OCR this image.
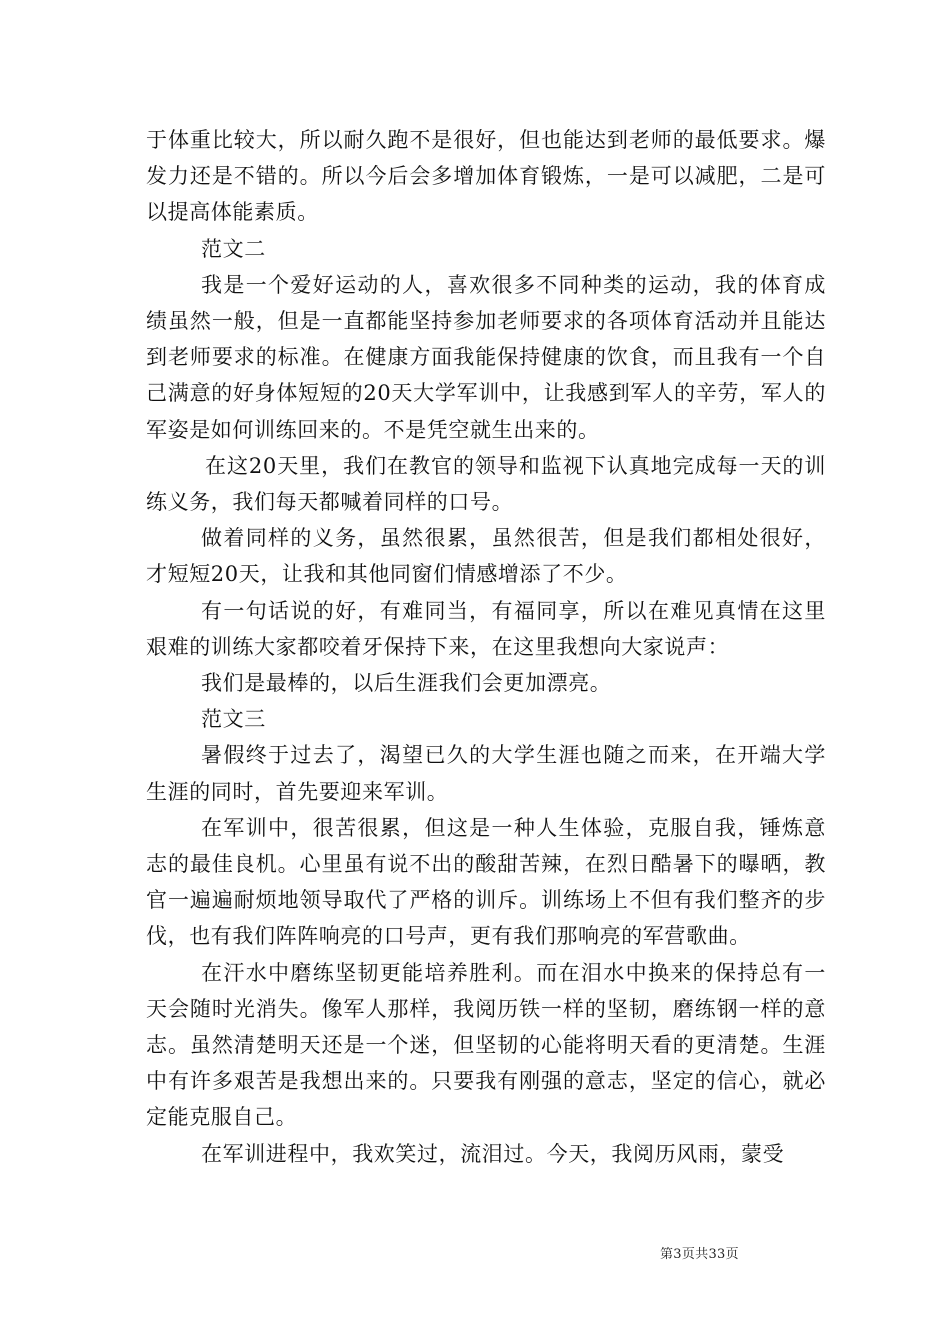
于体重比较大，所以耐久跑不是很好，但也能达到老师的最低要求。爆发力还是不错的。所以今后会多增加体育锻炼，一是可以减肥，二是可以提高体能素质。

范文二

我是一个爱好运动的人，喜欢很多不同种类的运动，我的体育成绩虽然一般，但是一直都能坚持参加老师要求的各项体育活动并且能达到老师要求的标准。在健康方面我能保持健康的饮食，而且我有一个自己满意的好身体短短的20天大学军训中，让我感到军人的辛劳，军人的军姿是如何训练回来的。不是凭空就生出来的。

在这20天里，我们在教官的领导和监视下认真地完成每一天的训练义务，我们每天都喊着同样的口号。

做着同样的义务，虽然很累，虽然很苦，但是我们都相处很好，才短短20天，让我和其他同窗们情感增添了不少。

有一句话说的好，有难同当，有福同享，所以在难见真情在这里艰难的训练大家都咬着牙保持下来，在这里我想向大家说声：

我们是最棒的，以后生涯我们会更加漂亮。

范文三

暑假终于过去了，渴望已久的大学生涯也随之而来，在开端大学生涯的同时，首先要迎来军训。

在军训中，很苦很累，但这是一种人生体验，克服自我，锤炼意志的最佳良机。心里虽有说不出的酸甜苦辣，在烈日酷暑下的曝晒，教官一遍遍耐烦地领导取代了严格的训斥。训练场上不但有我们整齐的步伐，也有我们阵阵响亮的口号声，更有我们那响亮的军营歌曲。

在汗水中磨练坚韧更能培养胜利。而在泪水中换来的保持总有一天会随时光消失。像军人那样，我阅历铁一样的坚韧，磨练钢一样的意志。虽然清楚明天还是一个迷，但坚韧的心能将明天看的更清楚。生涯中有许多艰苦是我想出来的。只要我有刚强的意志，坚定的信心，就必定能克服自己。

在军训进程中，我欢笑过，流泪过。今天，我阅历风雨，蒙受

第3页共33页
